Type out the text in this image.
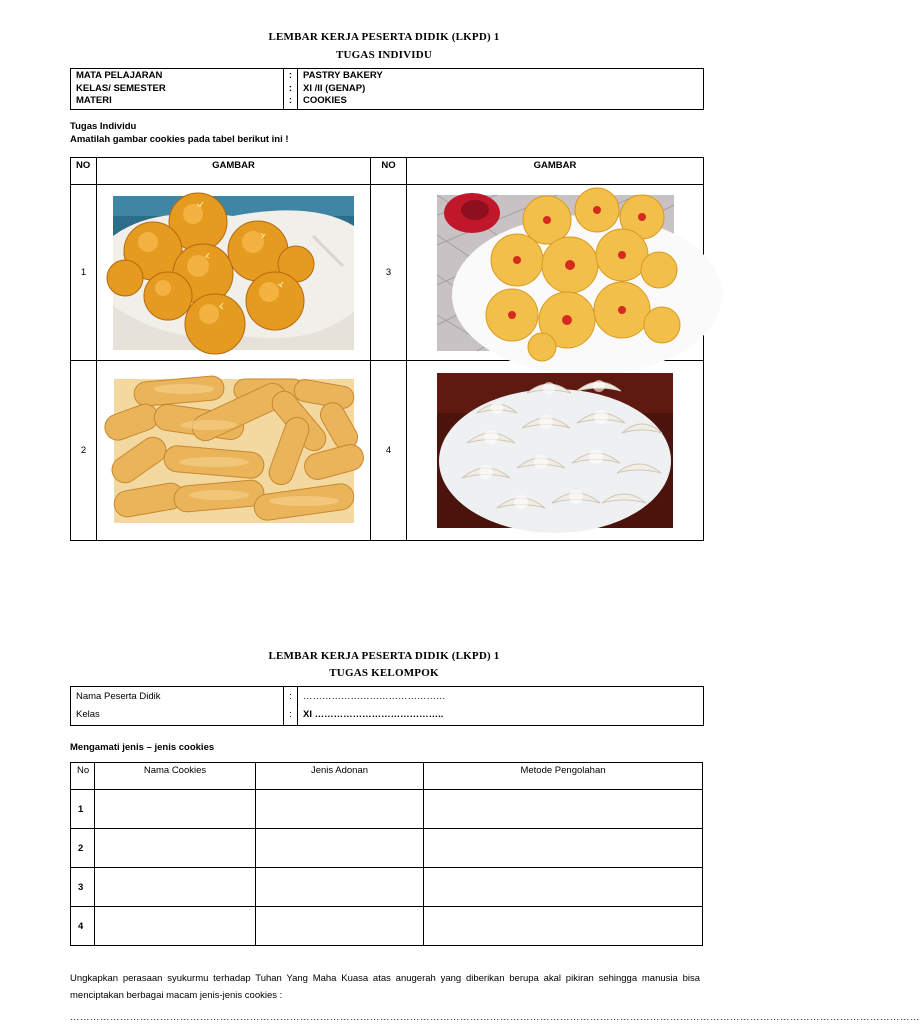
LEMBAR KERJA PESERTA DIDIK (LKPD) 1
TUGAS INDIVIDU
MATA PELAJARAN	:	PASTRY BAKERY
KELAS/ SEMESTER	:	XI /II (GENAP)
MATERI	:	COOKIES
Tugas Individu
Amatilah gambar cookies pada tabel berikut ini !
NO	GAMBAR	NO	GAMBAR
1		3	

2		4	
LEMBAR KERJA PESERTA DIDIK (LKPD) 1
TUGAS KELOMPOK
Nama Peserta Didik	:	………………………………………
Kelas	:	XI …………………………………..
Mengamati jenis – jenis cookies
No	Nama Cookies	Jenis Adonan	Metode Pengolahan
1			
2			
3			
4			
Ungkapkan perasaan syukurmu terhadap Tuhan Yang Maha Kuasa atas anugerah yang diberikan berupa akal pikiran sehingga manusia bisa
menciptakan berbagai macam jenis-jenis cookies :
…………………………………………………………………………………………………………………………………………………………………………………………………………………………………
